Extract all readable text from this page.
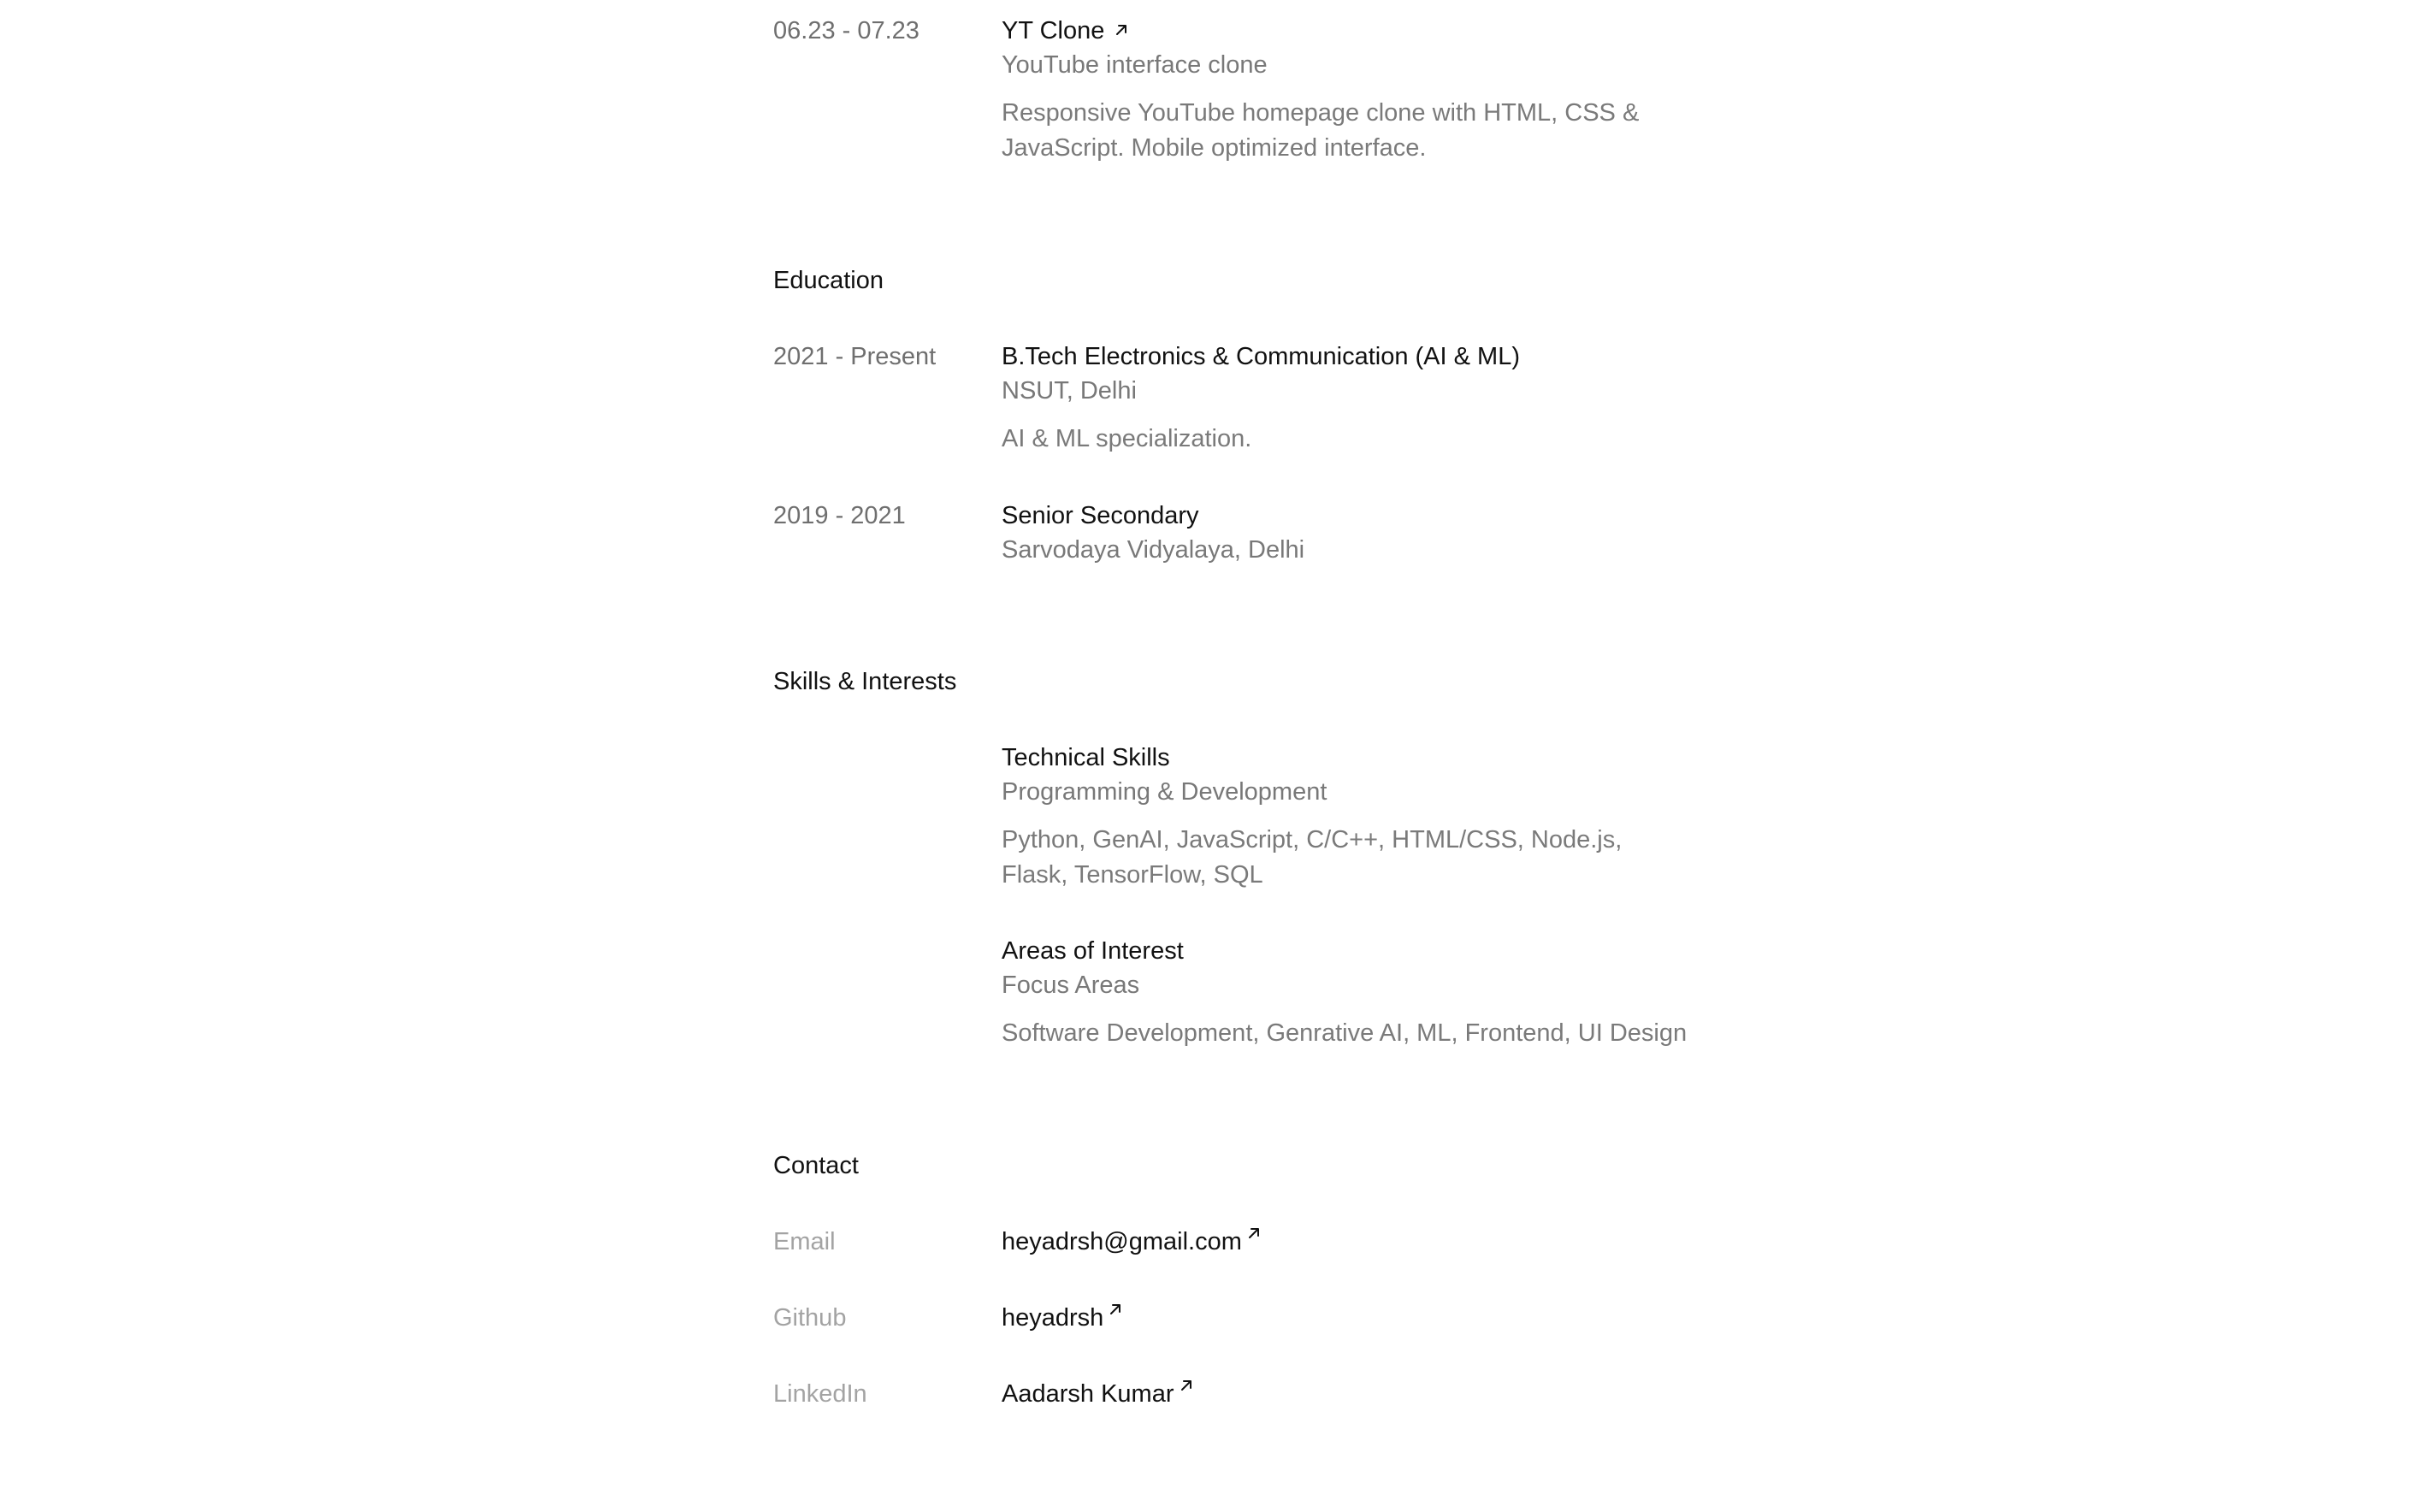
06.23 - 07.23	YT Clone
YouTube interface clone
Responsive YouTube homepage clone with HTML, CSS & JavaScript. Mobile optimized interface.
Education
2021 - Present	B.Tech Electronics & Communication (AI & ML)
NSUT, Delhi
AI & ML specialization.
2019 - 2021	Senior Secondary
Sarvodaya Vidyalaya, Delhi
Skills & Interests
Technical Skills
Programming & Development
Python, GenAI, JavaScript, C/C++, HTML/CSS, Node.js, Flask, TensorFlow, SQL
Areas of Interest
Focus Areas
Software Development, Genrative AI, ML, Frontend, UI Design
Contact
Email	heyadrsh@gmail.com
Github	heyadrsh
LinkedIn	Aadarsh Kumar
